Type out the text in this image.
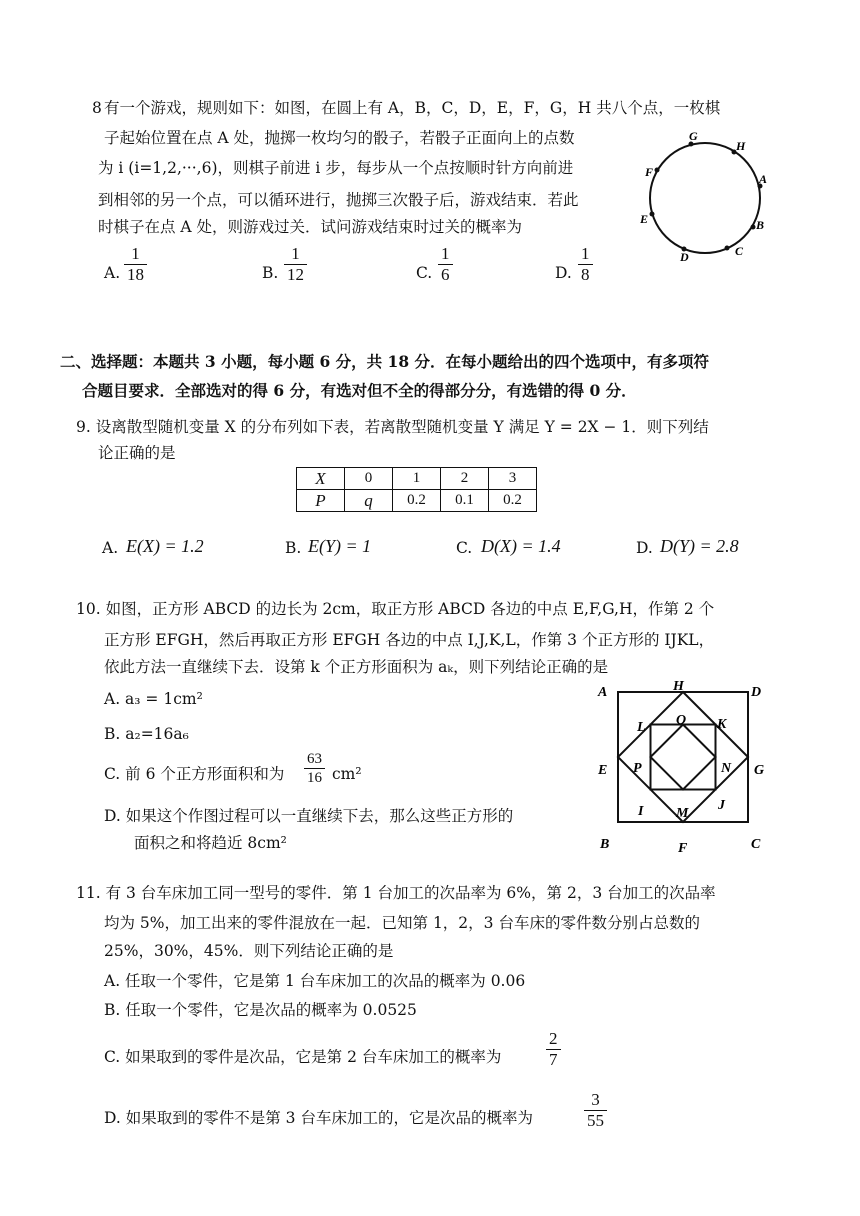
8 有一个游戏，规则如下：如图，在圆上有 A，B，C，D，E，F，G，H 共八个点，一枚棋
子起始位置在点 A 处，抛掷一枚均匀的骰子，若骰子正面向上的点数
为 i (i=1,2,···,6)，则棋子前进 i 步，每步从一个点按顺时针方向前进
到相邻的另一个点，可以循环进行，抛掷三次骰子后，游戏结束．若此
时棋子在点 A 处，则游戏过关．试问游戏结束时过关的概率为
G
H
A
B
C
D
E
F
A. $\frac{1}{18}$	B. $\frac{1}{12}$	C. $\frac{1}{6}$	D. $\frac{1}{8}$
二、选择题：本题共 3 小题，每小题 6 分，共 18 分．在每小题给出的四个选项中，有多项符
合题目要求．全部选对的得 6 分，有选对但不全的得部分分，有选错的得 0 分．
9. 设离散型随机变量 X 的分布列如下表，若离散型随机变量 Y 满足 Y = 2X − 1．则下列结
论正确的是
X	0	1	2	3
P	q	0.2	0.1	0.2
A. E(X) = 1.2	B. E(Y) = 1	C. D(X) = 1.4	D. D(Y) = 2.8
10. 如图，正方形 ABCD 的边长为 2cm，取正方形 ABCD 各边的中点 E,F,G,H，作第 2 个
正方形 EFGH，然后再取正方形 EFGH 各边的中点 I,J,K,L，作第 3 个正方形的 IJKL，
依此方法一直继续下去．设第 k 个正方形面积为 aₖ，则下列结论正确的是
A. a₃ = 1cm²
B. a₂=16a₆
C. 前 6 个正方形面积和为 $\frac{63}{16} cm^2$
D. 如果这个作图过程可以一直继续下去，那么这些正方形的
面积之和将趋近 8cm²
A	H	D
L O K
E P	N G
I M
J
B	F	C
11. 有 3 台车床加工同一型号的零件．第 1 台加工的次品率为 6%，第 2，3 台加工的次品率
均为 5%，加工出来的零件混放在一起．已知第 1，2，3 台车床的零件数分别占总数的
25%，30%，45%．则下列结论正确的是
A. 任取一个零件，它是第 1 台车床加工的次品的概率为 0.06
B. 任取一个零件，它是次品的概率为 0.0525
C. 如果取到的零件是次品，它是第 2 台车床加工的概率为	$\frac{2}{7}$
D. 如果取到的零件不是第 3 台车床加工的，它是次品的概率为	$\frac{3}{55}$
